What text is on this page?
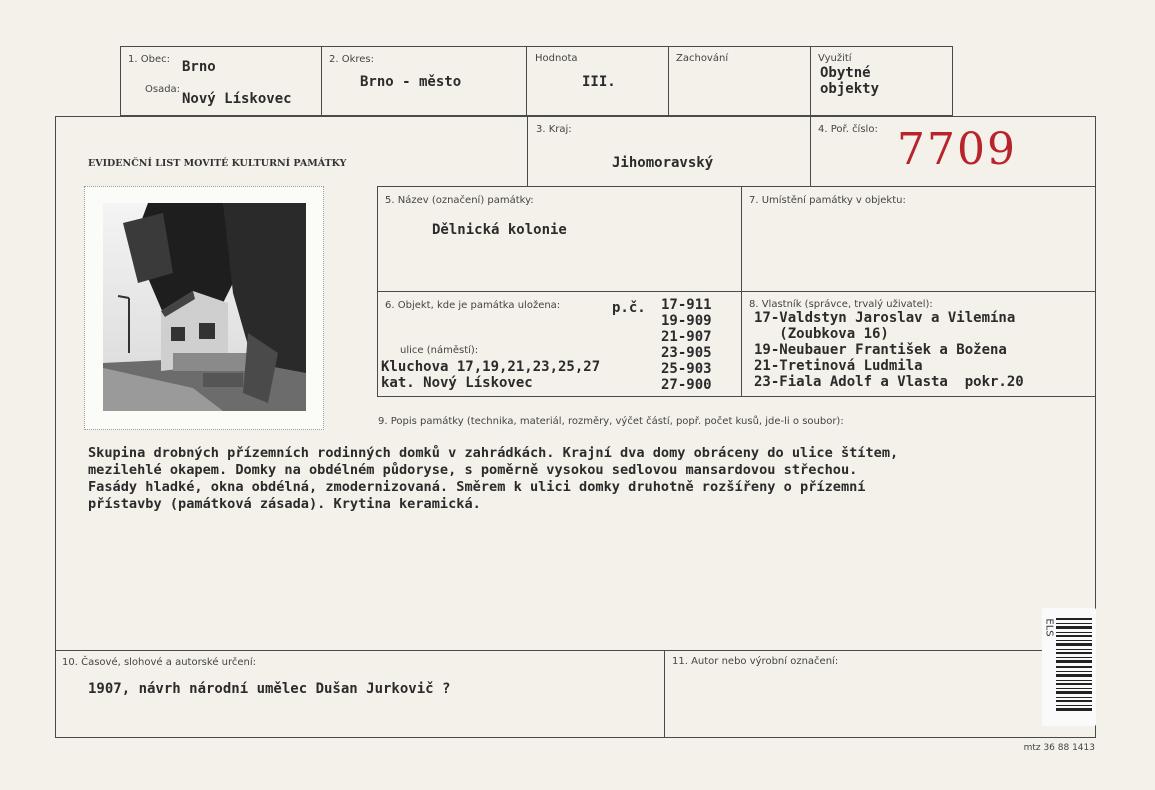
1. Obec: Brno
Osada:
Nový Lískovec
2. Okres:
Brno - město
Hodnota
III.
Zachování	Využití
Obytné
objekty
EVIDENČNÍ LIST MOVITÉ KULTURNÍ PAMÁTKY
3. Kraj:
Jihomoravský
4. Poř. číslo: 7709
5. Název (označení) památky:
Dělnická kolonie
7. Umístění památky v objektu:
6. Objekt, kde je památka uložena:	p.č. 17-911
19-909
21-907
23-905
25-903
27-900
ulice (náměstí):
Kluchova 17,19,21,23,25,27
kat. Nový Lískovec
8. Vlastník (správce, trvalý uživatel):
17-Valdstyn Jaroslav a Vilemína
(Zoubkova 16)
19-Neubauer František a Božena
21-Tretinová Ludmila
23-Fiala Adolf a Vlasta  pokr.20
9. Popis památky (technika, materiál, rozměry, výčet částí, popř. počet kusů, jde-li o soubor):
Skupina drobných přízemních rodinných domků v zahrádkách. Krajní dva domy obráceny do ulice štítem,
mezilehlé okapem. Domky na obdélném půdoryse, s poměrně vysokou sedlovou mansardovou střechou.
Fasády hladké, okna obdélná, zmodernizovaná. Směrem k ulici domky druhotně rozšířeny o přízemní
přístavby (památková zásada). Krytina keramická.
10. Časové, slohové a autorské určení:
1907, návrh národní umělec Dušan Jurkovič ?
11. Autor nebo výrobní označení:
ELS
mtz 36 88 1413
